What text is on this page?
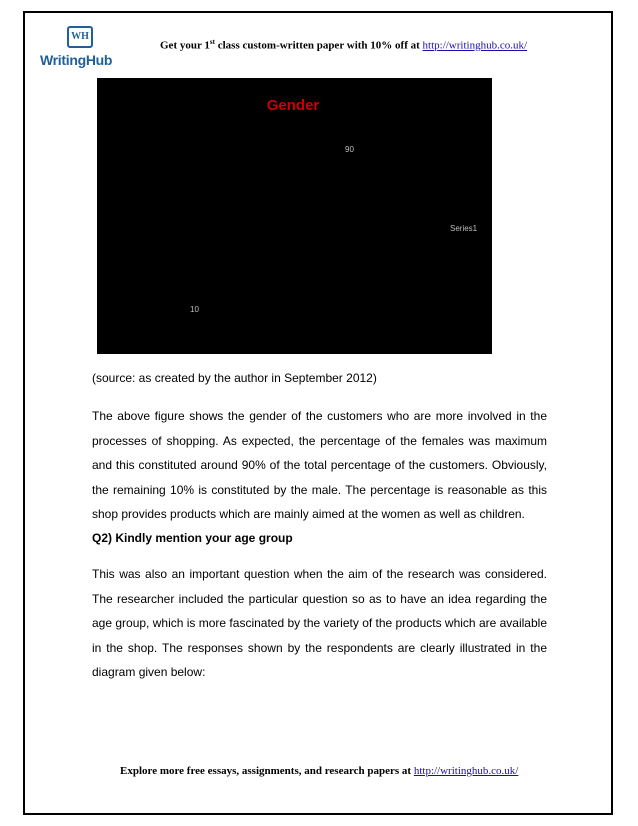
WH
WritingHub
Get your 1st class custom-written paper with 10% off at http://writinghub.co.uk/
Gender
10
90
Series1
(source: as created by the author in September 2012)
The above figure shows the gender of the customers who are more involved in the processes of shopping. As expected, the percentage of the females was maximum and this constituted around 90% of the total percentage of the customers. Obviously, the remaining 10% is constituted by the male. The percentage is reasonable as this shop provides products which are mainly aimed at the women as well as children.
Q2) Kindly mention your age group
This was also an important question when the aim of the research was considered. The researcher included the particular question so as to have an idea regarding the age group, which is more fascinated by the variety of the products which are available in the shop. The responses shown by the respondents are clearly illustrated in the diagram given below:
Explore more free essays, assignments, and research papers at http://writinghub.co.uk/
